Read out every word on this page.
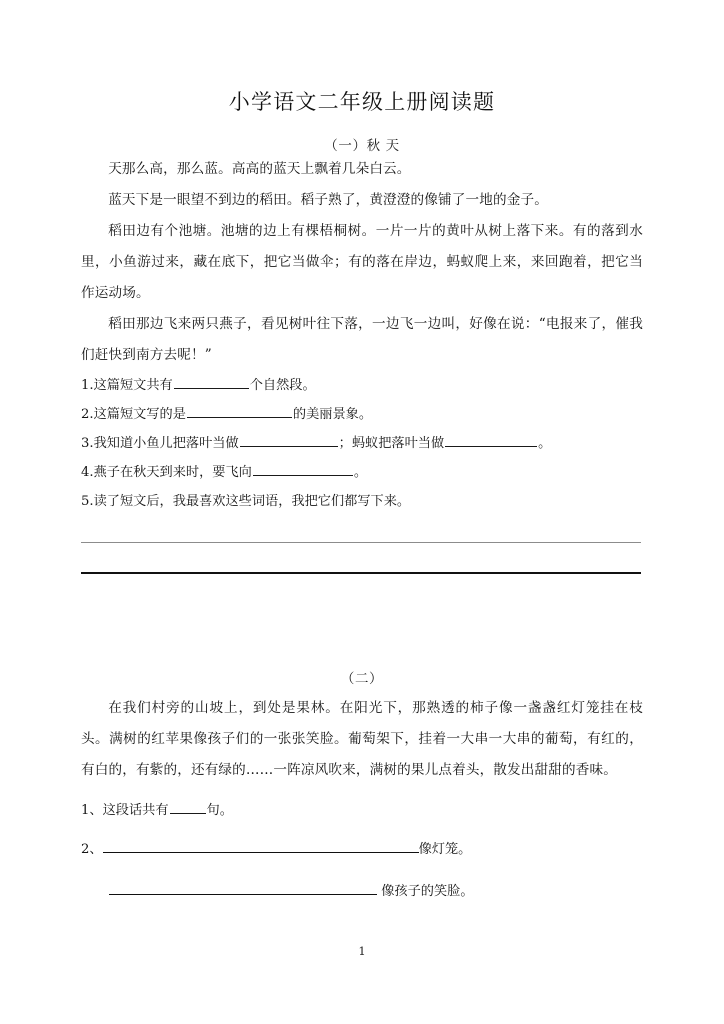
小学语文二年级上册阅读题
（一）秋 天

天那么高，那么蓝。高高的蓝天上飘着几朵白云。

蓝天下是一眼望不到边的稻田。稻子熟了，黄澄澄的像铺了一地的金子。

稻田边有个池塘。池塘的边上有棵梧桐树。一片一片的黄叶从树上落下来。有的落到水里，小鱼游过来，藏在底下，把它当做伞；有的落在岸边，蚂蚁爬上来，来回跑着，把它当作运动场。

稻田那边飞来两只燕子，看见树叶往下落，一边飞一边叫，好像在说：“电报来了，催我们赶快到南方去呢！”

1.这篇短文共有	个自然段。
2.这篇短文写的是	的美丽景象。
3.我知道小鱼儿把落叶当做	；蚂蚁把落叶当做	。
4.燕子在秋天到来时，要飞向	。
5.读了短文后，我最喜欢这些词语，我把它们都写下来。
（二）

在我们村旁的山坡上，到处是果林。在阳光下，那熟透的柿子像一盏盏红灯笼挂在枝头。满树的红苹果像孩子们的一张张笑脸。葡萄架下，挂着一大串一大串的葡萄，有红的，有白的，有紫的，还有绿的……一阵凉风吹来，满树的果儿点着头，散发出甜甜的香味。

1、这段话共有	句。
2、	像灯笼。
像孩子的笑脸。
1
